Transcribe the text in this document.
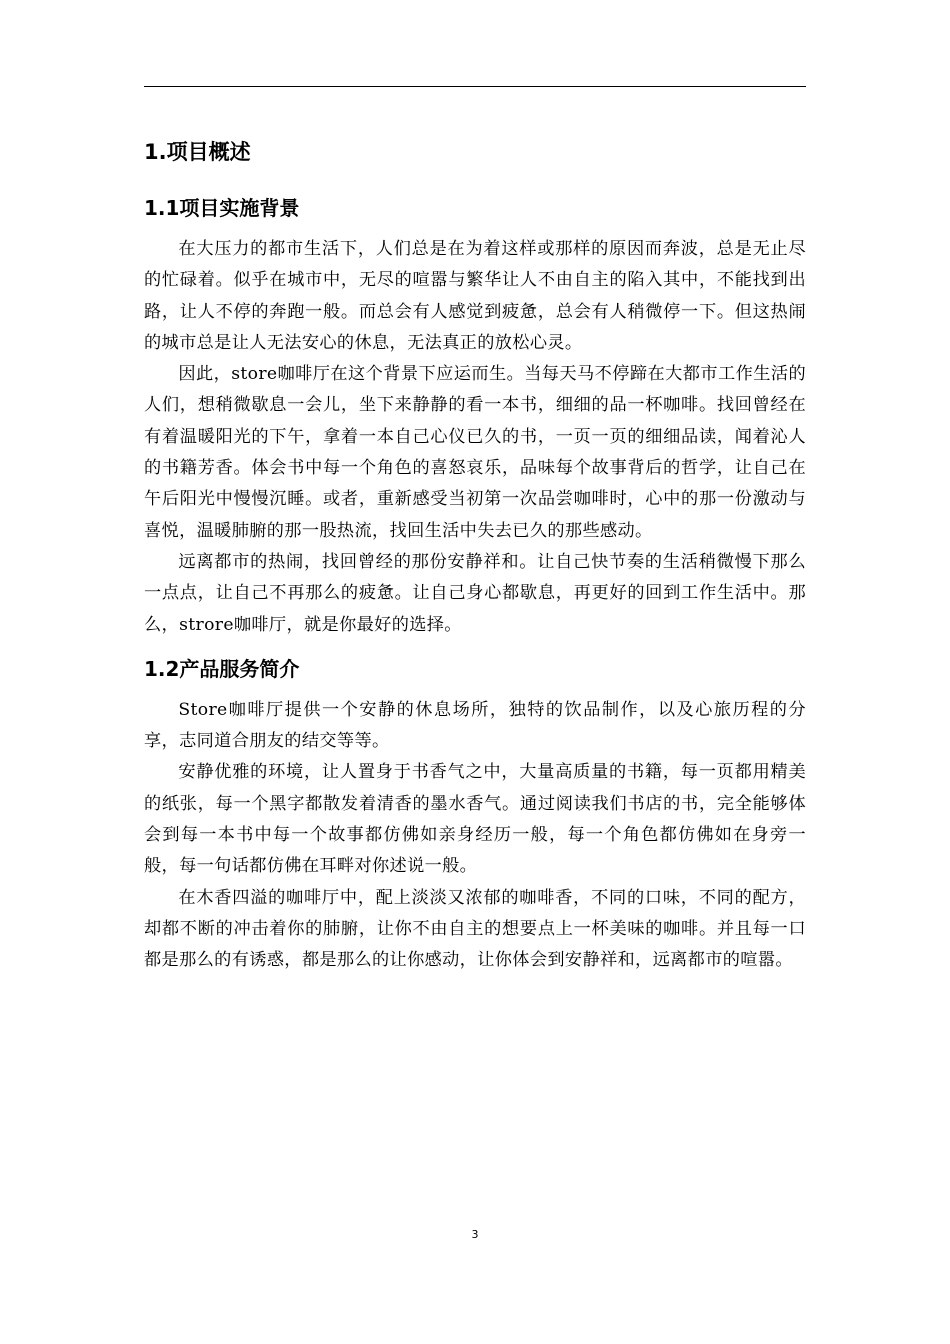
1.项目概述
1.1项目实施背景

在大压力的都市生活下，人们总是在为着这样或那样的原因而奔波，总是无止尽的忙碌着。似乎在城市中，无尽的喧嚣与繁华让人不由自主的陷入其中，不能找到出路，让人不停的奔跑一般。而总会有人感觉到疲惫，总会有人稍微停一下。但这热闹的城市总是让人无法安心的休息，无法真正的放松心灵。

因此，store咖啡厅在这个背景下应运而生。当每天马不停蹄在大都市工作生活的人们，想稍微歇息一会儿，坐下来静静的看一本书，细细的品一杯咖啡。找回曾经在有着温暖阳光的下午，拿着一本自己心仪已久的书，一页一页的细细品读，闻着沁人的书籍芳香。体会书中每一个角色的喜怒哀乐，品味每个故事背后的哲学，让自己在午后阳光中慢慢沉睡。或者，重新感受当初第一次品尝咖啡时，心中的那一份激动与喜悦，温暖肺腑的那一股热流，找回生活中失去已久的那些感动。

远离都市的热闹，找回曾经的那份安静祥和。让自己快节奏的生活稍微慢下那么一点点，让自己不再那么的疲惫。让自己身心都歇息，再更好的回到工作生活中。那么，strore咖啡厅，就是你最好的选择。

1.2产品服务简介

Store咖啡厅提供一个安静的休息场所，独特的饮品制作，以及心旅历程的分享，志同道合朋友的结交等等。

安静优雅的环境，让人置身于书香气之中，大量高质量的书籍，每一页都用精美的纸张，每一个黑字都散发着清香的墨水香气。通过阅读我们书店的书，完全能够体会到每一本书中每一个故事都仿佛如亲身经历一般，每一个角色都仿佛如在身旁一般，每一句话都仿佛在耳畔对你述说一般。

在木香四溢的咖啡厅中，配上淡淡又浓郁的咖啡香，不同的口味，不同的配方，却都不断的冲击着你的肺腑，让你不由自主的想要点上一杯美味的咖啡。并且每一口都是那么的有诱惑，都是那么的让你感动，让你体会到安静祥和，远离都市的喧嚣。

3
